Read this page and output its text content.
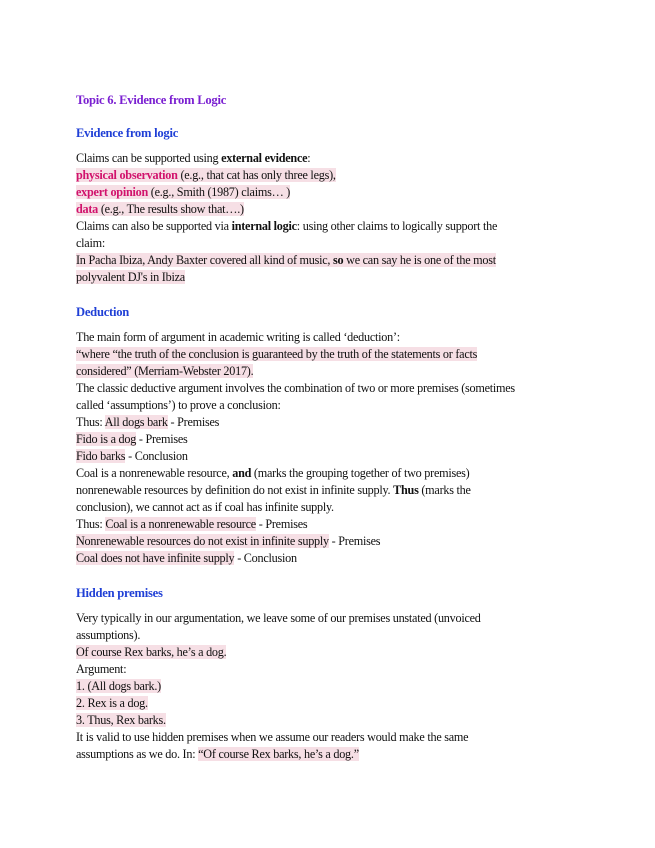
Topic 6. Evidence from Logic

Evidence from logic

Claims can be supported using external evidence:

physical observation (e.g., that cat has only three legs),

expert opinion (e.g., Smith (1987) claims… )

data (e.g., The results show that….)

Claims can also be supported via internal logic: using other claims to logically support the

claim:

In Pacha Ibiza, Andy Baxter covered all kind of music, so we can say he is one of the most

polyvalent DJ's in Ibiza

Deduction

The main form of argument in academic writing is called ‘deduction’:

“where “the truth of the conclusion is guaranteed by the truth of the statements or facts

considered” (Merriam-Webster 2017).

The classic deductive argument involves the combination of two or more premises (sometimes

called ‘assumptions’) to prove a conclusion:

Thus: All dogs bark - Premises

Fido is a dog - Premises

Fido barks - Conclusion

Coal is a nonrenewable resource, and (marks the grouping together of two premises)

nonrenewable resources by definition do not exist in infinite supply. Thus (marks the

conclusion), we cannot act as if coal has infinite supply.

Thus: Coal is a nonrenewable resource - Premises

Nonrenewable resources do not exist in infinite supply - Premises

Coal does not have infinite supply - Conclusion

Hidden premises

Very typically in our argumentation, we leave some of our premises unstated (unvoiced

assumptions).

Of course Rex barks, he’s a dog.

Argument:

1. (All dogs bark.)

2. Rex is a dog.

3. Thus, Rex barks.

It is valid to use hidden premises when we assume our readers would make the same

assumptions as we do. In: “Of course Rex barks, he’s a dog.”
